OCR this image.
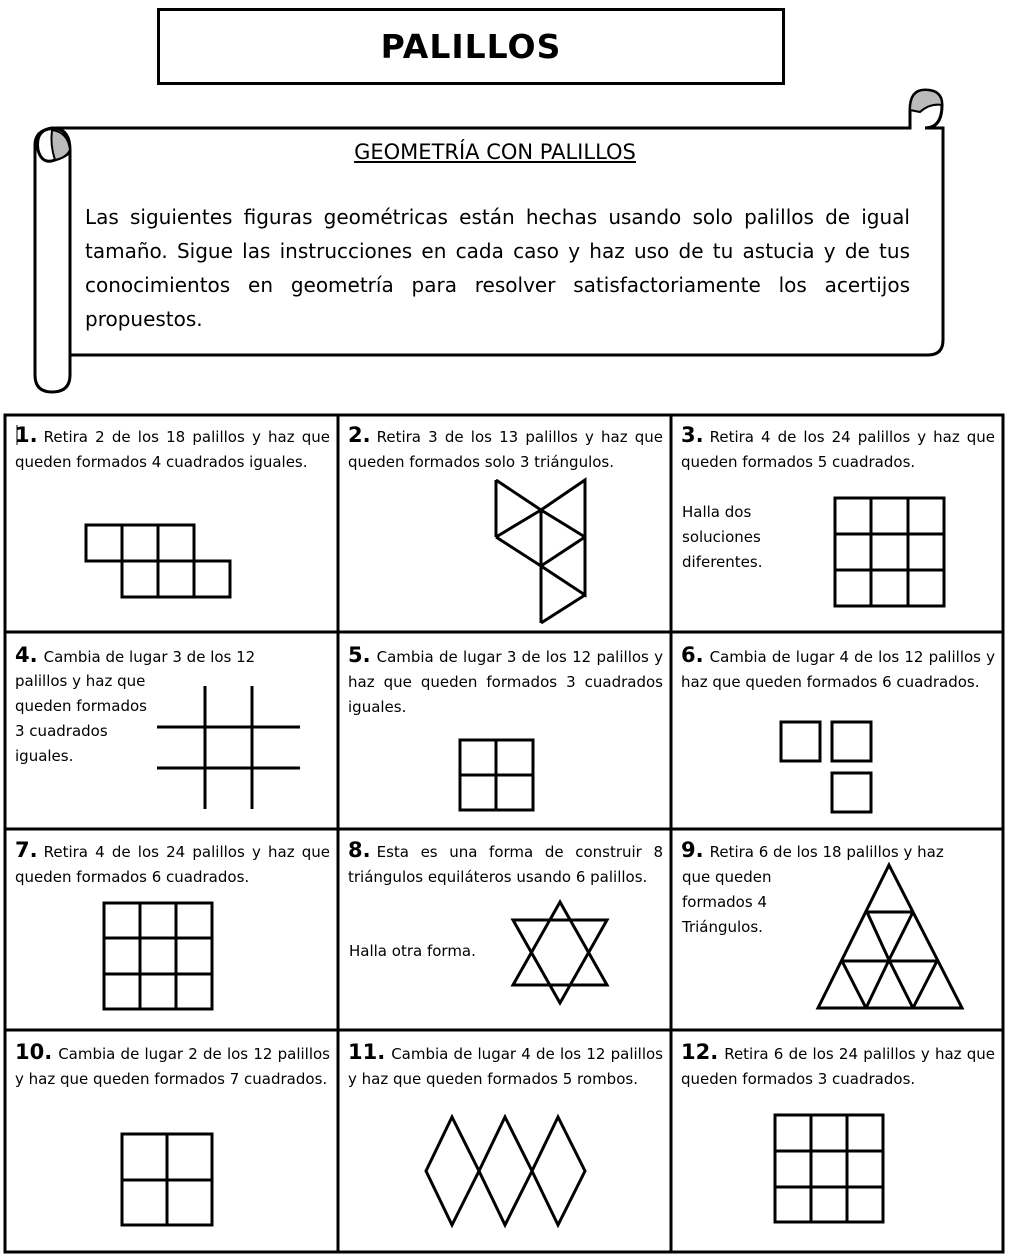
PALILLOS
GEOMETRÍA CON PALILLOS
Las siguientes figuras geométricas están hechas usando solo palillos de igual tamaño. Sigue las instrucciones en cada caso y haz uso de tu astucia y de tus conocimientos en geometría para resolver satisfactoriamente los acertijos propuestos.
1. Retira 2 de los 18 palillos y haz que queden formados 4 cuadrados iguales.
2. Retira 3 de los 13 palillos y haz que queden formados solo 3 triángulos.
3. Retira 4 de los 24 palillos y haz que queden formados 5 cuadrados.
Halla dos soluciones diferentes.
4. Cambia de lugar 3 de los 12
palillos y haz que queden formados 3 cuadrados iguales.
5. Cambia de lugar 3 de los 12 palillos y haz que queden formados 3 cuadrados iguales.
6. Cambia de lugar 4 de los 12 palillos y haz que queden formados 6 cuadrados.
7. Retira 4 de los 24 palillos y haz que queden formados 6 cuadrados.
8. Esta es una forma de construir 8 triángulos equiláteros usando 6 palillos.
Halla otra forma.
9. Retira 6 de los 18 palillos y haz
que queden formados 4 Triángulos.
10. Cambia de lugar 2 de los 12 palillos y haz que queden formados 7 cuadrados.
11. Cambia de lugar 4 de los 12 palillos y haz que queden formados 5 rombos.
12. Retira 6 de los 24 palillos y haz que queden formados 3 cuadrados.
